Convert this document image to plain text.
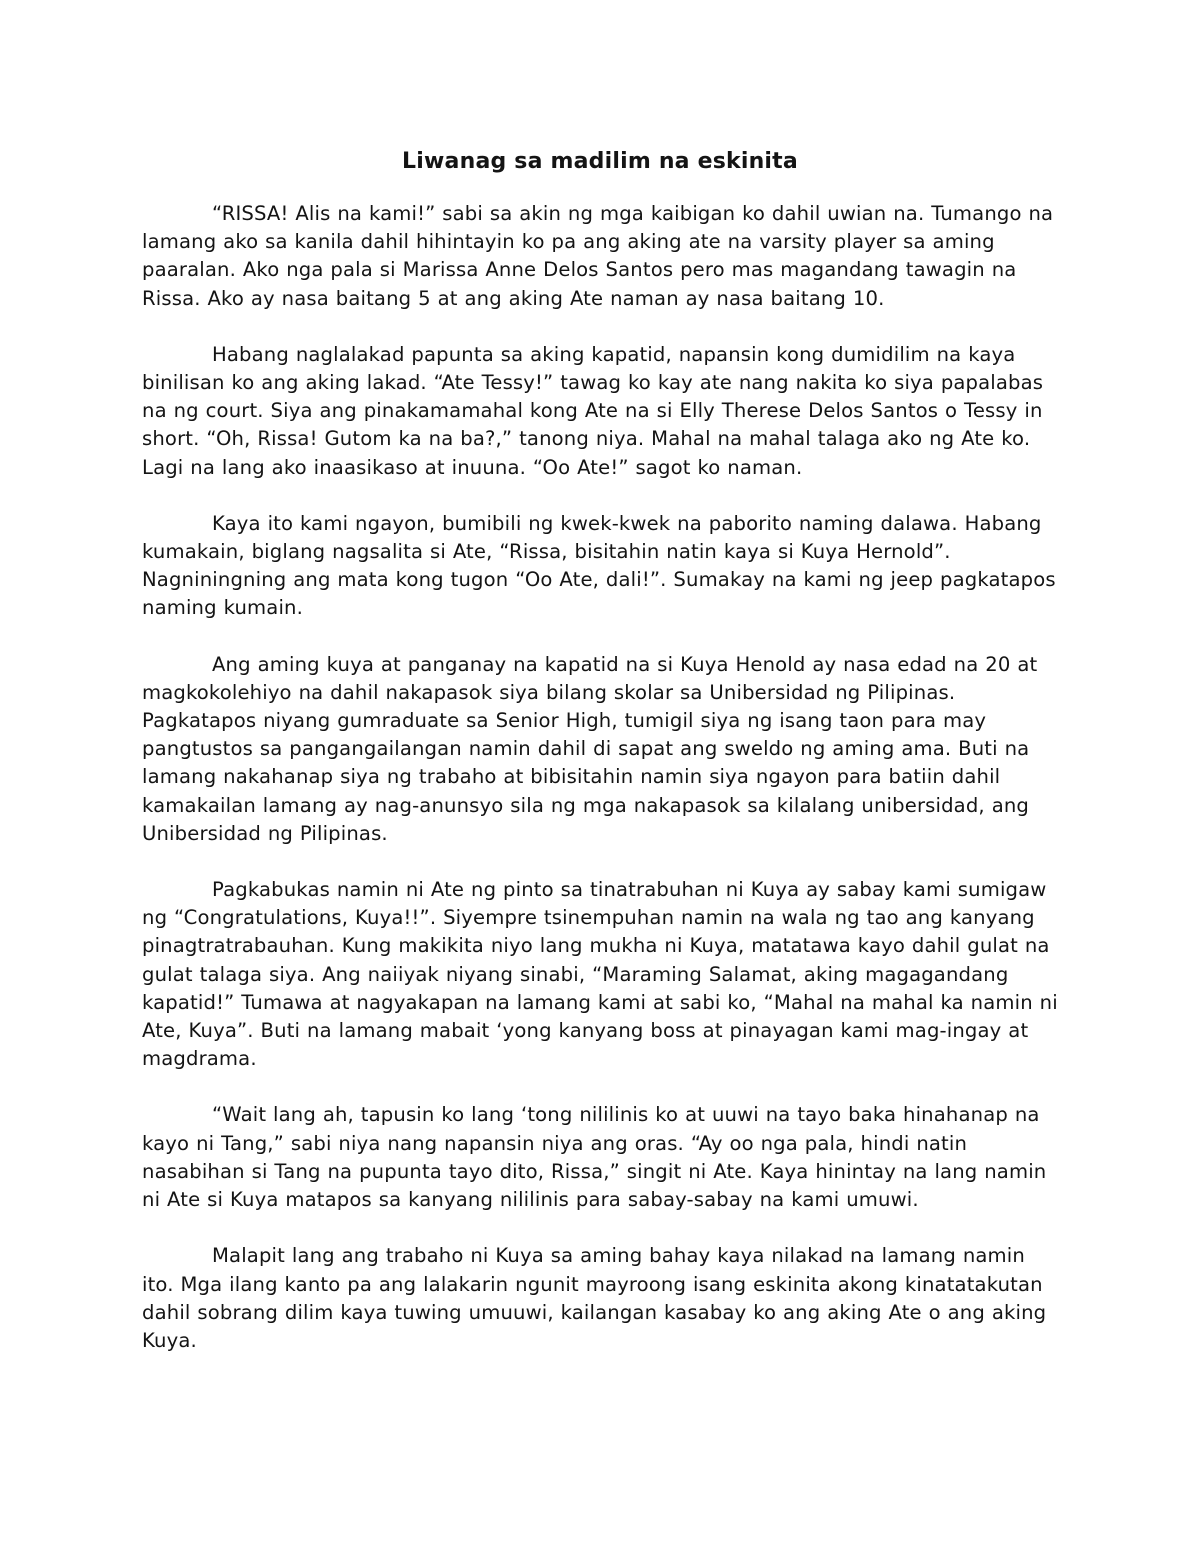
Liwanag sa madilim na eskinita

“RISSA! Alis na kami!” sabi sa akin ng mga kaibigan ko dahil uwian na. Tumango na lamang ako sa kanila dahil hihintayin ko pa ang aking ate na varsity player sa aming paaralan. Ako nga pala si Marissa Anne Delos Santos pero mas magandang tawagin na Rissa. Ako ay nasa baitang 5 at ang aking Ate naman ay nasa baitang 10.

Habang naglalakad papunta sa aking kapatid, napansin kong dumidilim na kaya binilisan ko ang aking lakad. “Ate Tessy!” tawag ko kay ate nang nakita ko siya papalabas na ng court. Siya ang pinakamamahal kong Ate na si Elly Therese Delos Santos o Tessy in short. “Oh, Rissa! Gutom ka na ba?,” tanong niya. Mahal na mahal talaga ako ng Ate ko. Lagi na lang ako inaasikaso at inuuna. “Oo Ate!” sagot ko naman.

Kaya ito kami ngayon, bumibili ng kwek-kwek na paborito naming dalawa. Habang kumakain, biglang nagsalita si Ate, “Rissa, bisitahin natin kaya si Kuya Hernold”. Nagniningning ang mata kong tugon “Oo Ate, dali!”. Sumakay na kami ng jeep pagkatapos naming kumain.

Ang aming kuya at panganay na kapatid na si Kuya Henold ay nasa edad na 20 at magkokolehiyo na dahil nakapasok siya bilang skolar sa Unibersidad ng Pilipinas. Pagkatapos niyang gumraduate sa Senior High, tumigil siya ng isang taon para may pangtustos sa pangangailangan namin dahil di sapat ang sweldo ng aming ama. Buti na lamang nakahanap siya ng trabaho at bibisitahin namin siya ngayon para batiin dahil kamakailan lamang ay nag-anunsyo sila ng mga nakapasok sa kilalang unibersidad, ang Unibersidad ng Pilipinas.

Pagkabukas namin ni Ate ng pinto sa tinatrabuhan ni Kuya ay sabay kami sumigaw ng “Congratulations, Kuya!!”. Siyempre tsinempuhan namin na wala ng tao ang kanyang pinagtratrabauhan. Kung makikita niyo lang mukha ni Kuya, matatawa kayo dahil gulat na gulat talaga siya. Ang naiiyak niyang sinabi, “Maraming Salamat, aking magagandang kapatid!” Tumawa at nagyakapan na lamang kami at sabi ko, “Mahal na mahal ka namin ni Ate, Kuya”. Buti na lamang mabait ‘yong kanyang boss at pinayagan kami mag-ingay at magdrama.

“Wait lang ah, tapusin ko lang ‘tong nililinis ko at uuwi na tayo baka hinahanap na kayo ni Tang,” sabi niya nang napansin niya ang oras. “Ay oo nga pala, hindi natin nasabihan si Tang na pupunta tayo dito, Rissa,” singit ni Ate. Kaya hinintay na lang namin ni Ate si Kuya matapos sa kanyang nililinis para sabay-sabay na kami umuwi.

Malapit lang ang trabaho ni Kuya sa aming bahay kaya nilakad na lamang namin ito. Mga ilang kanto pa ang lalakarin ngunit mayroong isang eskinita akong kinatatakutan dahil sobrang dilim kaya tuwing umuuwi, kailangan kasabay ko ang aking Ate o ang aking Kuya.
